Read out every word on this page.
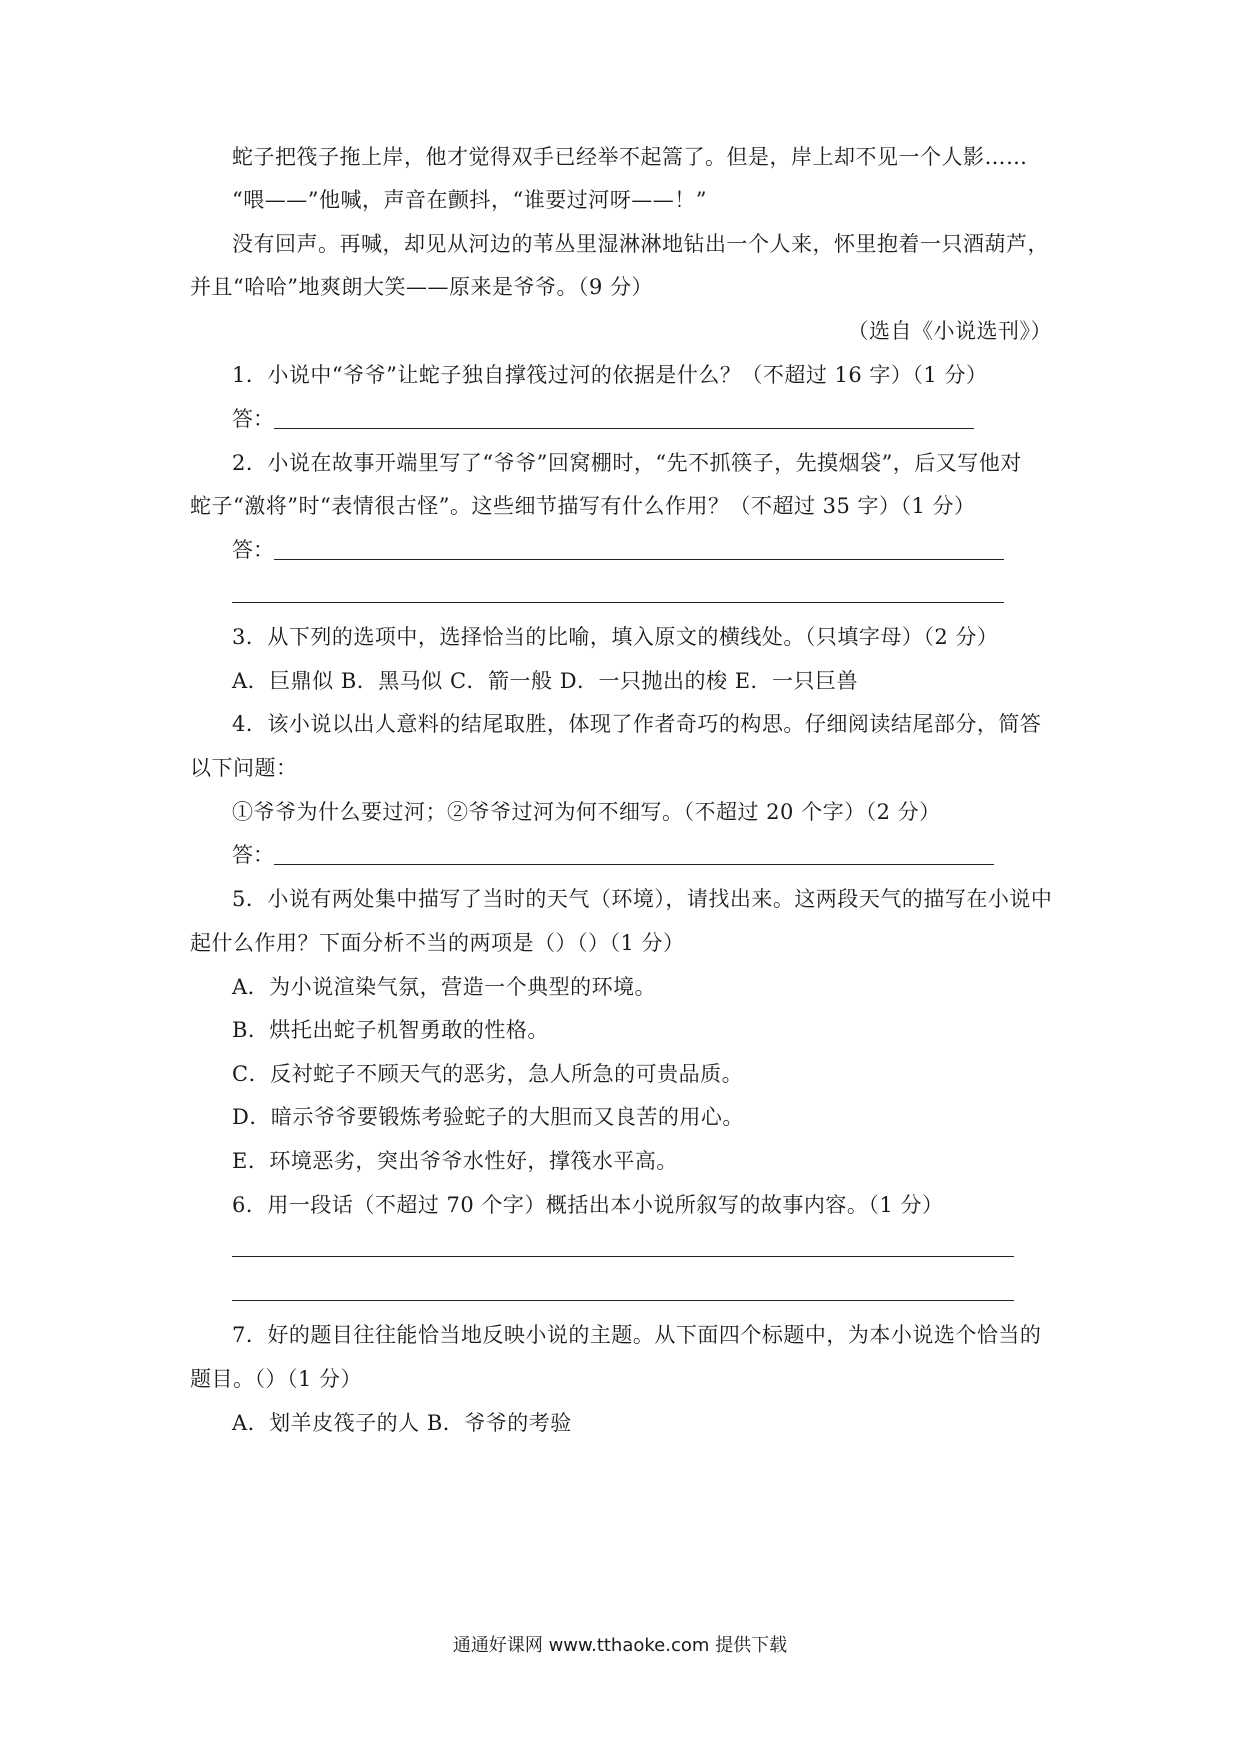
蛇子把筏子拖上岸，他才觉得双手已经举不起篙了。但是，岸上却不见一个人影……
“喂——”他喊，声音在颤抖，“谁要过河呀——！”
没有回声。再喊，却见从河边的苇丛里湿淋淋地钻出一个人来，怀里抱着一只酒葫芦，
并且“哈哈”地爽朗大笑——原来是爷爷。（9 分）
（选自《小说选刊》）
1．小说中“爷爷”让蛇子独自撑筏过河的依据是什么？（不超过 16 字）（1 分）
答：
2．小说在故事开端里写了“爷爷”回窝棚时，“先不抓筷子，先摸烟袋”，后又写他对
蛇子“激将”时“表情很古怪”。这些细节描写有什么作用？（不超过 35 字）（1 分）
答：
3．从下列的选项中，选择恰当的比喻，填入原文的横线处。（只填字母）（2 分）
A．巨鼎似 B．黑马似 C．箭一般 D．一只抛出的梭 E．一只巨兽
4．该小说以出人意料的结尾取胜，体现了作者奇巧的构思。仔细阅读结尾部分，简答
以下问题：
①爷爷为什么要过河；②爷爷过河为何不细写。（不超过 20 个字）（2 分）
答：
5．小说有两处集中描写了当时的天气（环境），请找出来。这两段天气的描写在小说中
起什么作用？下面分析不当的两项是（）（）（1 分）
A．为小说渲染气氛，营造一个典型的环境。
B．烘托出蛇子机智勇敢的性格。
C．反衬蛇子不顾天气的恶劣，急人所急的可贵品质。
D．暗示爷爷要锻炼考验蛇子的大胆而又良苦的用心。
E．环境恶劣，突出爷爷水性好，撑筏水平高。
6．用一段话（不超过 70 个字）概括出本小说所叙写的故事内容。（1 分）
7．好的题目往往能恰当地反映小说的主题。从下面四个标题中，为本小说选个恰当的
题目。（）（1 分）
A．划羊皮筏子的人 B．爷爷的考验
通通好课网 www.tthaoke.com 提供下载
